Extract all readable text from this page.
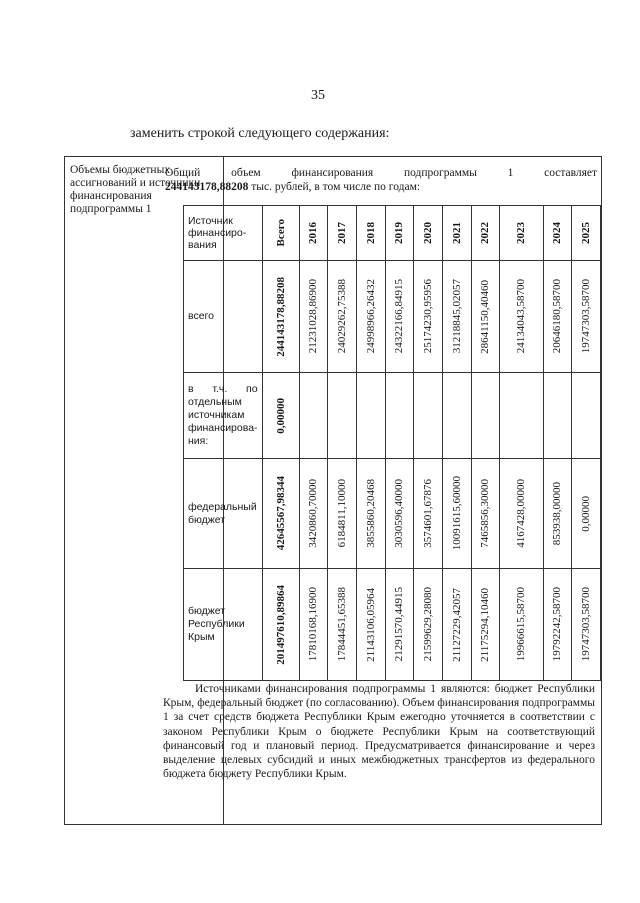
35
заменить строкой следующего содержания:
Объемы бюджетных ассигнований и источники финансирования подпрограммы 1
Общий	объем	финансирования	подпрограммы	1	составляет
244143178,88208 тыс. рублей, в том числе по годам:
Источник финансиро-вания	Всего	2016	2017	2018	2019	2020	2021	2022	2023	2024	2025

всего	244143178,88208	21231028,86900	24029262,75388	24998966,26432	24322166,84915	25174230,95956	31218845,02057	28641150,40460	24134043,58700	20646180,58700	19747303,58700

в т.ч. по отдельным источникам финансирова-ния:	0,00000										

федеральный бюджет	42645567,98344	3420860,70000	6184811,10000	3855860,20468	3030596,40000	3574601,67876	10091615,60000	7465856,30000	4167428,00000	853938,00000	0,00000

бюджет Республики Крым	201497610,89864	17810168,16900	17844451,65388	21143106,05964	21291570,44915	21599629,28080	21127229,42057	21175294,10460	19966615,58700	19792242,58700	19747303,58700
Источниками финансирования подпрограммы 1 являются: бюджет Республики Крым, федеральный бюджет (по согласованию). Объем финансирования подпрограммы 1 за счет средств бюджета Республики Крым ежегодно уточняется в соответствии с законом Республики Крым о бюджете Республики Крым на соответствующий финансовый год и плановый период. Предусматривается финансирование и через выделение целевых субсидий и иных межбюджетных трансфертов из федерального бюджета бюджету Республики Крым.
